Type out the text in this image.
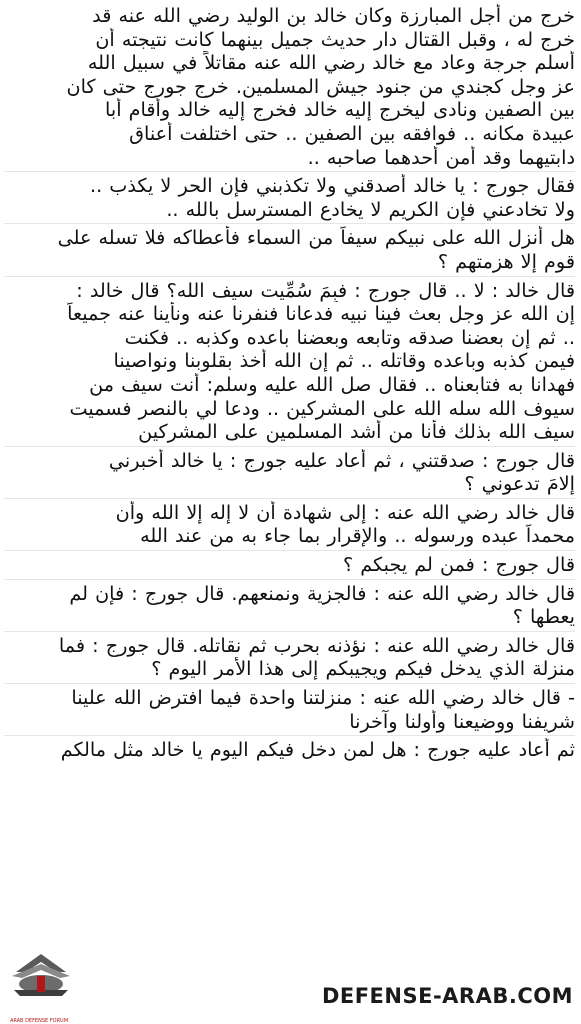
خرج من أجل المبارزة وكان خالد بن الوليد رضي الله عنه قد
خرج له ، وقبل القتال دار حديث جميل بينهما كانت نتيجته أن
أسلم جرجة وعاد مع خالد رضي الله عنه مقاتلاً في سبيل الله
عز وجل كجندي من جنود جيش المسلمين. خرج جورج حتى كان
بين الصفين ونادى ليخرج إليه خالد فخرج إليه خالد وأقام أبا
عبيدة مكانه .. فوافقه بين الصفين .. حتى اختلفت أعناق
دابتيهما وقد أمن أحدهما صاحبه ..
فقال جورج : يا خالد أصدقني ولا تكذبني فإن الحر لا يكذب ..
ولا تخادعني فإن الكريم لا يخادع المسترسل بالله ..
هل أنزل الله على نبيكم سيفاً من السماء فأعطاكه فلا تسله على
قوم إلا هزمتهم ؟
قال خالد : لا .. قال جورج : فبِمَ سُمِّيت سيف الله؟ قال خالد :
إن الله عز وجل بعث فينا نبيه فدعانا فنفرنا عنه ونأينا عنه جميعاً
.. ثم إن بعضنا صدقه وتابعه وبعضنا باعده وكذبه .. فكنت
فيمن كذبه وباعده وقاتله .. ثم إن الله أخذ بقلوبنا ونواصينا
فهدانا به فتابعناه .. فقال صل الله عليه وسلم: أنت سيف من
سيوف الله سله الله على المشركين .. ودعا لي بالنصر فسميت
سيف الله بذلك فأنا من أشد المسلمين على المشركين
قال جورج : صدقتني ، ثم أعاد عليه جورج : يا خالد أخبرني
إلامَ تدعوني ؟
قال خالد رضي الله عنه : إلى شهادة أن لا إله إلا الله وأن
محمداً عبده ورسوله .. والإقرار بما جاء به من عند الله
قال جورج : فمن لم يجبكم ؟
قال خالد رضي الله عنه : فالجزية ونمنعهم. قال جورج : فإن لم
يعطها ؟
قال خالد رضي الله عنه : نؤذنه بحرب ثم نقاتله. قال جورج : فما
منزلة الذي يدخل فيكم ويجيبكم إلى هذا الأمر اليوم ؟
- قال خالد رضي الله عنه : منزلتنا واحدة فيما افترض الله علينا
شريفنا ووضيعنا وأولنا وآخرنا
ثم أعاد عليه جورج : هل لمن دخل فيكم اليوم يا خالد مثل مالكم
ARAB DEFENSE FORUM
DEFENSE-ARAB.COM
